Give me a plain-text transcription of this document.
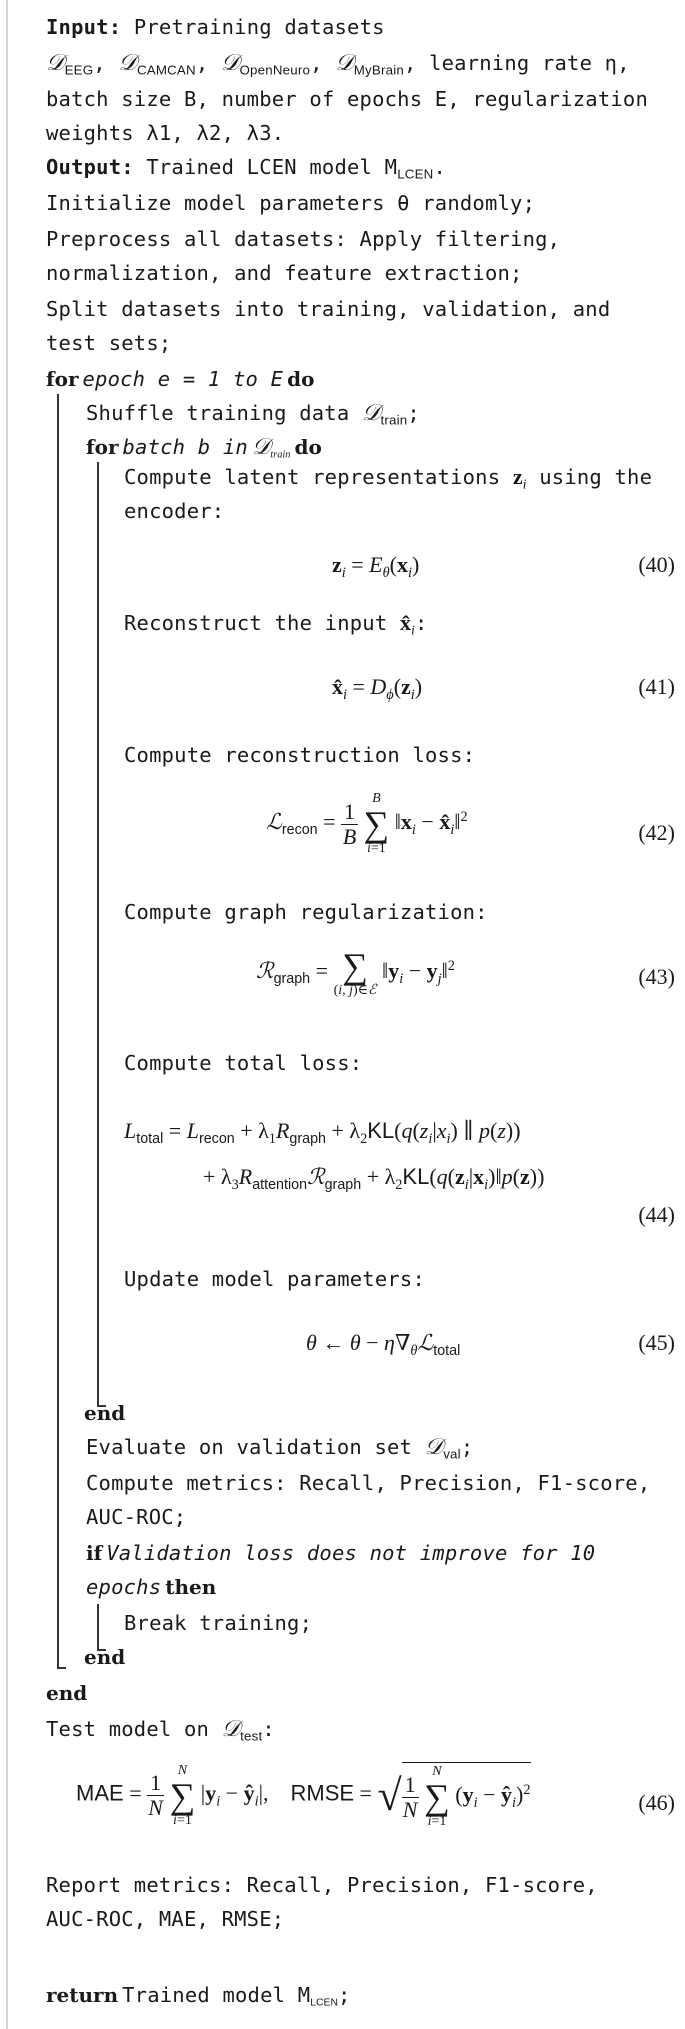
Input: Pretraining datasets
𝒟$_{EEG}$, 𝒟$_{CAMCAN}$, 𝒟$_{OpenNeuro}$, 𝒟$_{MyBrain}$, learning rate η,
batch size B, number of epochs E, regularization
weights λ1, λ2, λ3.
Output: Trained LCEN model $M_{LCEN}$.
Initialize model parameters θ randomly;
Preprocess all datasets: Apply filtering,
normalization, and feature extraction;
Split datasets into training, validation, and
test sets;
for epoch e = 1 to E do
Shuffle training data 𝒟$_{train}$;
for batch b in 𝒟$_{train}$ do
Compute latent representations $z_i$ using the
encoder:
$z_i = E_\theta(x_i)$	(40)
Reconstruct the input $x̂_i$:
$x̂_i = D_\phi(z_i)$	(41)
Compute reconstruction loss:
ℒ$_{recon}$ = $\frac{1}{B}$

B
∑
i=1
$‖x_i$ − $x̂_i‖^2$
(42)
Compute graph regularization:
ℛ$_{graph}$ = ∑
(i, j)∈ℰ
$‖y_i$ − $y_j‖^2$	(43)
Compute total loss:
$L_{total} = L_{recon} + \lambda_1R_{graph} + \lambda_2KL(q(z_i|x_i)$ ∥ p(z))
+ $\lambda_3R_{attention}ℛ_{graph}$ + $\lambda_2KL(q(z_i|x_i)‖p(z))$
(44)
Update model parameters:
θ ← $\theta - \eta\nabla_\theta ℒ_{total}$	(45)
end
Evaluate on validation set 𝒟$_{val}$;
Compute metrics: Recall, Precision, F1-score,
AUC-ROC;
if Validation loss does not improve for 10
epochs then
Break training;
end
end
Test model on 𝒟$_{test}$:
MAE = $\frac{1}{N}$

N
∑
i=1
$|y_i$ − $ŷ_i|$,    RMSE = √ $\frac{1}{N}$

N
∑
i=1
($y_i$ − $ŷ_i)^2$	(46)
Report metrics: Recall, Precision, F1-score,
AUC-ROC, MAE, RMSE;
return Trained model $M_{LCEN}$;
